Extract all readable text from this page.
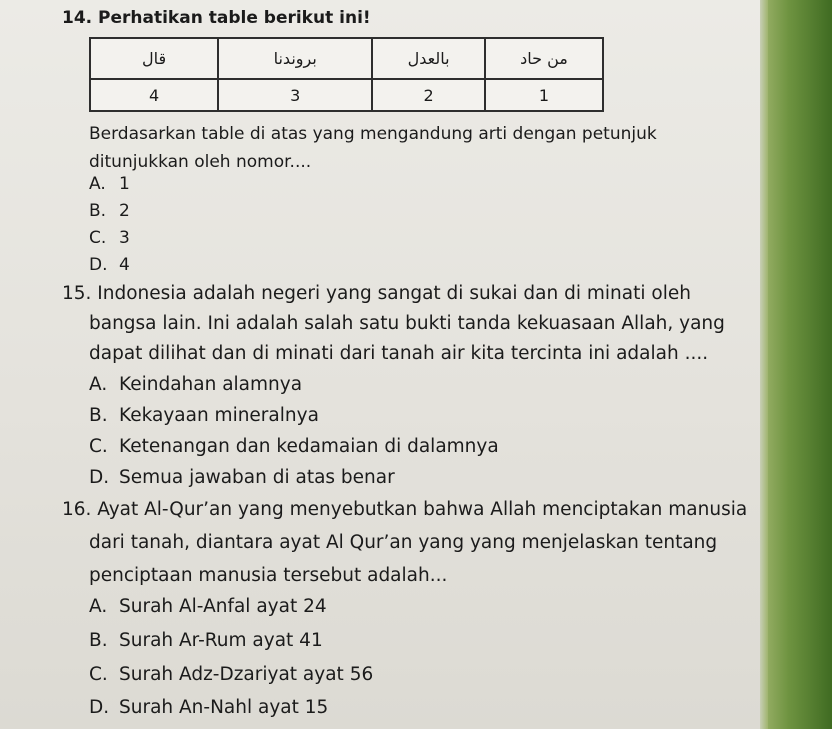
14. Perhatikan table berikut ini!
قال	بروندنا	بالعدل	من حاد
4	3	2	1
Berdasarkan table di atas yang mengandung arti dengan petunjuk
ditunjukkan oleh nomor....
A. 1
B. 2
C. 3
D. 4
15. Indonesia adalah negeri yang sangat di sukai dan di minati oleh
bangsa lain. Ini adalah salah satu bukti tanda kekuasaan Allah, yang
dapat dilihat dan di minati dari tanah air kita tercinta ini adalah ....
A. Keindahan alamnya
B. Kekayaan mineralnya
C. Ketenangan dan kedamaian di dalamnya
D. Semua jawaban di atas benar
16. Ayat Al-Qur’an yang menyebutkan bahwa Allah menciptakan manusia
dari tanah, diantara ayat Al Qur’an yang yang menjelaskan tentang
penciptaan manusia tersebut adalah...
A. Surah Al-Anfal ayat 24
B. Surah Ar-Rum ayat 41
C. Surah Adz-Dzariyat ayat 56
D. Surah An-Nahl ayat 15
